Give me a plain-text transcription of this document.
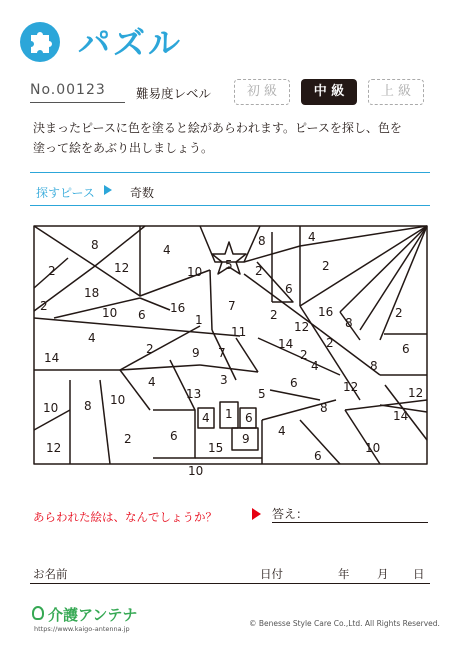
パズル
No.00123 難易度レベル	初 級	中 級	上 級
決まったピースに色を塗ると絵があらわれます。ピースを探し、色を
塗って絵をあぶり出しましょう。
探すピース	奇数
8	4
8	4
2	12	10 5 2	2
18	6
2	10 6 16
1
7	16
2
8
2
4	11	12
2	14	2
2	6
14	9 7
4	8
4	3	6	12	12
10 8 10	13	5
14
8
4 1 6
6
2
4
10
12	15
9
6
10
あらわれた絵は、なんでしょうか？	答え：
お名前	日付	年 月 日
介護アンテナ
https://www.kaigo-antenna.jp
© Benesse Style Care Co.,Ltd. All Rights Reserved.
